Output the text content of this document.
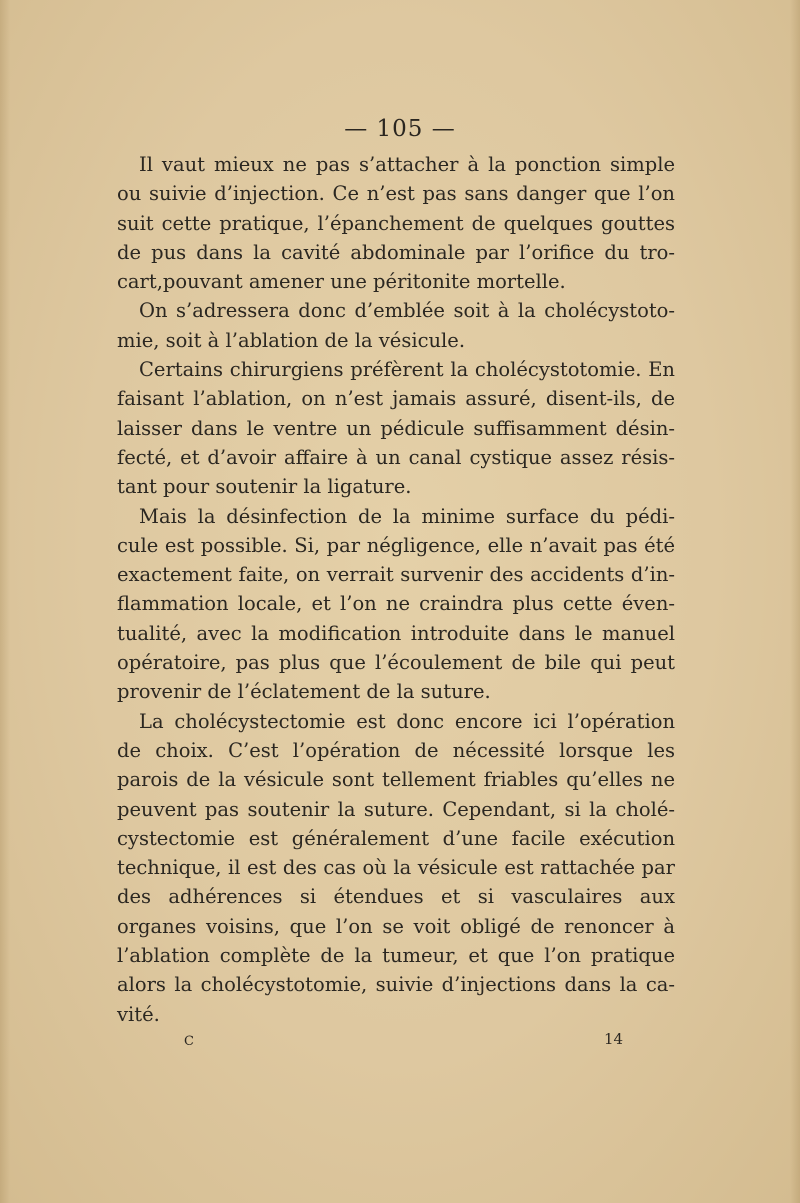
— 105 —

Il vaut mieux ne pas s’attacher à la ponction simple ou suivie d’injection. Ce n’est pas sans danger que l’on suit cette pratique, l’épanchement de quelques gouttes de pus dans la cavité abdominale par l’orifice du tro-cart,pouvant amener une péritonite mortelle.

On s’adressera donc d’emblée soit à la cholécystoto-mie, soit à l’ablation de la vésicule.

Certains chirurgiens préfèrent la cholécystotomie. En faisant l’ablation, on n’est jamais assuré, disent-ils, de laisser dans le ventre un pédicule suffisamment désin-fecté, et d’avoir affaire à un canal cystique assez résis-tant pour soutenir la ligature.

Mais la désinfection de la minime surface du pédi-cule est possible. Si, par négligence, elle n’avait pas été exactement faite, on verrait survenir des accidents d’in-flammation locale, et l’on ne craindra plus cette éven-tualité, avec la modification introduite dans le manuel opératoire, pas plus que l’écoulement de bile qui peut provenir de l’éclatement de la suture.

La cholécystectomie est donc encore ici l’opération de choix. C’est l’opération de nécessité lorsque les parois de la vésicule sont tellement friables qu’elles ne peuvent pas soutenir la suture. Cependant, si la cholé-cystectomie est généralement d’une facile exécution technique, il est des cas où la vésicule est rattachée par des adhérences si étendues et si vasculaires aux organes voisins, que l’on se voit obligé de renoncer à l’ablation complète de la tumeur, et que l’on pratique alors la cholécystotomie, suivie d’injections dans la ca-vité.

C	14
